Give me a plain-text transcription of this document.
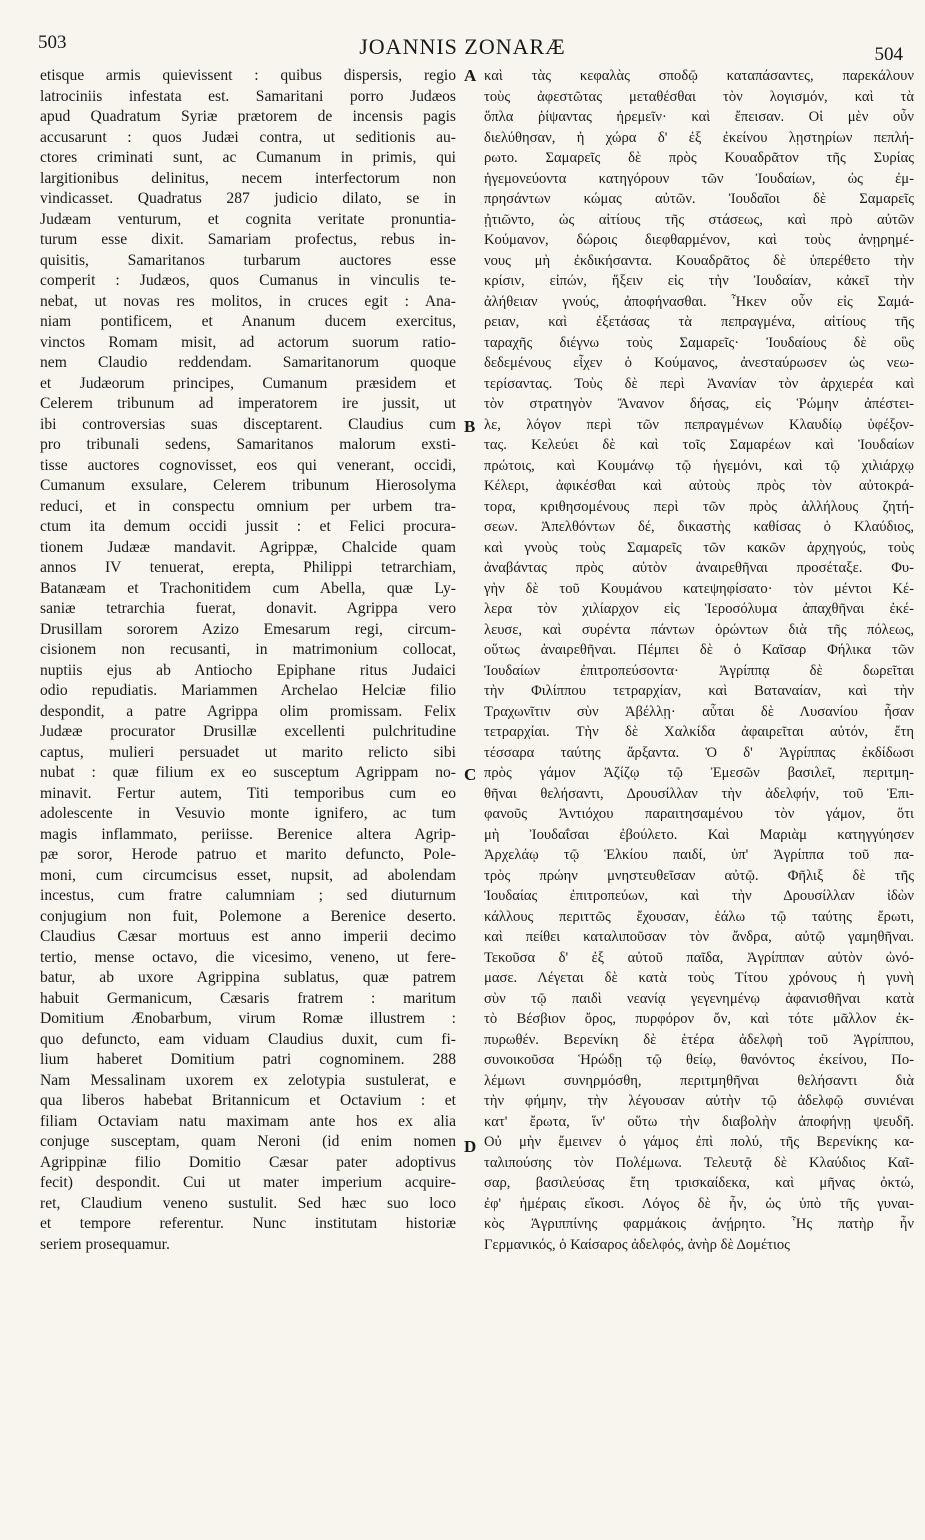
503	JOANNIS ZONARÆ	504
etisque armis quievissent : quibus dispersis, regio
latrociniis infestata est. Samaritani porro Judæos
apud Quadratum Syriæ prætorem de incensis pagis
accusarunt : quos Judæi contra, ut seditionis au-
ctores criminati sunt, ac Cumanum in primis, qui
largitionibus delinitus, necem interfectorum non
vindicasset. Quadratus 287 judicio dilato, se in
Judæam venturum, et cognita veritate pronuntia-
turum esse dixit. Samariam profectus, rebus in-
quisitis, Samaritanos turbarum auctores esse
comperit : Judæos, quos Cumanus in vinculis te-
nebat, ut novas res molitos, in cruces egit : Ana-
niam pontificem, et Ananum ducem exercitus,
vinctos Romam misit, ad actorum suorum ratio-
nem Claudio reddendam. Samaritanorum quoque
et Judæorum principes, Cumanum præsidem et
Celerem tribunum ad imperatorem ire jussit, ut
ibi controversias suas disceptarent. Claudius cum
pro tribunali sedens, Samaritanos malorum exsti-
tisse auctores cognovisset, eos qui venerant, occidi,
Cumanum exsulare, Celerem tribunum Hierosolyma
reduci, et in conspectu omnium per urbem tra-
ctum ita demum occidi jussit : et Felici procura-
tionem Judææ mandavit. Agrippæ, Chalcide quam
annos IV tenuerat, erepta, Philippi tetrarchiam,
Batanæam et Trachonitidem cum Abella, quæ Ly-
saniæ tetrarchia fuerat, donavit. Agrippa vero
Drusillam sororem Azizo Emesarum regi, circum-
cisionem non recusanti, in matrimonium collocat,
nuptiis ejus ab Antiocho Epiphane ritus Judaici
odio repudiatis. Mariammen Archelao Helciæ filio
despondit, a patre Agrippa olim promissam. Felix
Judææ procurator Drusillæ excellenti pulchritudine
captus, mulieri persuadet ut marito relicto sibi
nubat : quæ filium ex eo susceptum Agrippam no-
minavit. Fertur autem, Titi temporibus cum eo
adolescente in Vesuvio monte ignifero, ac tum
magis inflammato, periisse. Berenice altera Agrip-
pæ soror, Herode patruo et marito defuncto, Pole-
moni, cum circumcisus esset, nupsit, ad abolendam
incestus, cum fratre calumniam ; sed diuturnum
conjugium non fuit, Polemone a Berenice deserto.
Claudius Cæsar mortuus est anno imperii decimo
tertio, mense octavo, die vicesimo, veneno, ut fere-
batur, ab uxore Agrippina sublatus, quæ patrem
habuit Germanicum, Cæsaris fratrem : maritum
Domitium Ænobarbum, virum Romæ illustrem :
quo defuncto, eam viduam Claudius duxit, cum fi-
lium haberet Domitium patri cognominem. 288
Nam Messalinam uxorem ex zelotypia sustulerat, e
qua liberos habebat Britannicum et Octavium : et
filiam Octaviam natu maximam ante hos ex alia
conjuge susceptam, quam Neroni (id enim nomen
Agrippinæ filio Domitio Cæsar pater adoptivus
fecit) despondit. Cui ut mater imperium acquire-
ret, Claudium veneno sustulit. Sed hæc suo loco
et tempore referentur. Nunc institutam historiæ
seriem prosequamur.
A
B
C
D
καὶ τὰς κεφαλὰς σποδῷ καταπάσαντες, παρεκάλουν
τοὺς ἀφεστῶτας μεταθέσθαι τὸν λογισμόν, καὶ τὰ
ὅπλα ῥίψαντας ἠρεμεῖν· καὶ ἔπεισαν. Οἱ μὲν οὖν
διελύθησαν, ἡ χώρα δ' ἐξ ἐκείνου λῃστηρίων πεπλή-
ρωτο. Σαμαρεῖς δὲ πρὸς Κουαδρᾶτον τῆς Συρίας
ἡγεμονεύοντα κατηγόρουν τῶν Ἰουδαίων, ὡς ἐμ-
πρησάντων κώμας αὐτῶν. Ἰουδαῖοι δὲ Σαμαρεῖς
ᾐτιῶντο, ὡς αἰτίους τῆς στάσεως, καὶ πρὸ αὐτῶν
Κούμανον, δώροις διεφθαρμένον, καὶ τοὺς ἀνῃρημέ-
νους μὴ ἐκδικήσαντα. Κουαδρᾶτος δὲ ὑπερέθετο τὴν
κρίσιν, εἰπών, ἥξειν εἰς τὴν Ἰουδαίαν, κἀκεῖ τὴν
ἀλήθειαν γνούς, ἀποφήνασθαι. Ἧκεν οὖν εἰς Σαμά-
ρειαν, καὶ ἐξετάσας τὰ πεπραγμένα, αἰτίους τῆς
ταραχῆς διέγνω τοὺς Σαμαρεῖς· Ἰουδαίους δὲ οὓς
δεδεμένους εἶχεν ὁ Κούμανος, ἀνεσταύρωσεν ὡς νεω-
τερίσαντας. Τοὺς δὲ περὶ Ἀνανίαν τὸν ἀρχιερέα καὶ
τὸν στρατηγὸν Ἄνανον δήσας, εἰς Ῥώμην ἀπέστει-
λε, λόγον περὶ τῶν πεπραγμένων Κλαυδίῳ ὑφέξον-
τας. Κελεύει δὲ καὶ τοῖς Σαμαρέων καὶ Ἰουδαίων
πρώτοις, καὶ Κουμάνῳ τῷ ἡγεμόνι, καὶ τῷ χιλιάρχῳ
Κέλερι, ἀφικέσθαι καὶ αὐτοὺς πρὸς τὸν αὐτοκρά-
τορα, κριθησομένους περὶ τῶν πρὸς ἀλλήλους ζητή-
σεων. Ἀπελθόντων δέ, δικαστὴς καθίσας ὁ Κλαύδιος,
καὶ γνοὺς τοὺς Σαμαρεῖς τῶν κακῶν ἀρχηγούς, τοὺς
ἀναβάντας πρὸς αὐτὸν ἀναιρεθῆναι προσέταξε. Φυ-
γὴν δὲ τοῦ Κουμάνου κατεψηφίσατο· τὸν μέντοι Κέ-
λερα τὸν χιλίαρχον εἰς Ἱεροσόλυμα ἀπαχθῆναι ἐκέ-
λευσε, καὶ συρέντα πάντων ὁρώντων διὰ τῆς πόλεως,
οὕτως ἀναιρεθῆναι. Πέμπει δὲ ὁ Καῖσαρ Φήλικα τῶν
Ἰουδαίων ἐπιτροπεύσοντα· Ἀγρίππᾳ δὲ δωρεῖται
τὴν Φιλίππου τετραρχίαν, καὶ Βαταναίαν, καὶ τὴν
Τραχωνῖτιν σὺν Ἀβέλλῃ· αὗται δὲ Λυσανίου ἦσαν
τετραρχίαι. Τὴν δὲ Χαλκίδα ἀφαιρεῖται αὐτόν, ἔτη
τέσσαρα ταύτης ἄρξαντα. Ὁ δ' Ἀγρίππας ἐκδίδωσι
πρὸς γάμον Ἀζίζῳ τῷ Ἐμεσῶν βασιλεῖ, περιτμη-
θῆναι θελήσαντι, Δρουσίλλαν τὴν ἀδελφήν, τοῦ Ἐπι-
φανοῦς Ἀντιόχου παραιτησαμένου τὸν γάμον, ὅτι
μὴ Ἰουδαΐσαι ἐβούλετο. Καὶ Μαριὰμ κατηγγύησεν
Ἀρχελάῳ τῷ Ἑλκίου παιδί, ὑπ' Ἀγρίππα τοῦ πα-
τρὸς πρώην μνηστευθεῖσαν αὐτῷ. Φῆλιξ δὲ τῆς
Ἰουδαίας ἐπιτροπεύων, καὶ τὴν Δρουσίλλαν ἰδὼν
κάλλους περιττῶς ἔχουσαν, ἑάλω τῷ ταύτης ἔρωτι,
καὶ πείθει καταλιποῦσαν τὸν ἄνδρα, αὐτῷ γαμηθῆναι.
Τεκοῦσα δ' ἐξ αὐτοῦ παῖδα, Ἀγρίππαν αὐτὸν ὠνό-
μασε. Λέγεται δὲ κατὰ τοὺς Τίτου χρόνους ἡ γυνὴ
σὺν τῷ παιδὶ νεανίᾳ γεγενημένῳ ἀφανισθῆναι κατὰ
τὸ Βέσβιον ὄρος, πυρφόρον ὄν, καὶ τότε μᾶλλον ἐκ-
πυρωθέν. Βερενίκη δὲ ἑτέρα ἀδελφὴ τοῦ Ἀγρίππου,
συνοικοῦσα Ἡρώδῃ τῷ θείῳ, θανόντος ἐκείνου, Πο-
λέμωνι συνηρμόσθη, περιτμηθῆναι θελήσαντι διὰ
τὴν φήμην, τὴν λέγουσαν αὐτὴν τῷ ἀδελφῷ συνιέναι
κατ' ἔρωτα, ἵν' οὕτω τὴν διαβολὴν ἀποφήνῃ ψευδῆ.
Οὐ μὴν ἔμεινεν ὁ γάμος ἐπὶ πολύ, τῆς Βερενίκης κα-
ταλιπούσης τὸν Πολέμωνα. Τελευτᾷ δὲ Κλαύδιος Καῖ-
σαρ, βασιλεύσας ἔτη τρισκαίδεκα, καὶ μῆνας ὀκτώ,
ἐφ' ἡμέραις εἴκοσι. Λόγος δὲ ἦν, ὡς ὑπὸ τῆς γυναι-
κὸς Ἀγριππίνης φαρμάκοις ἀνῄρητο. Ἧς πατὴρ ἦν
Γερμανικός, ὁ Καίσαρος ἀδελφός, ἀνὴρ δὲ Δομέτιος
